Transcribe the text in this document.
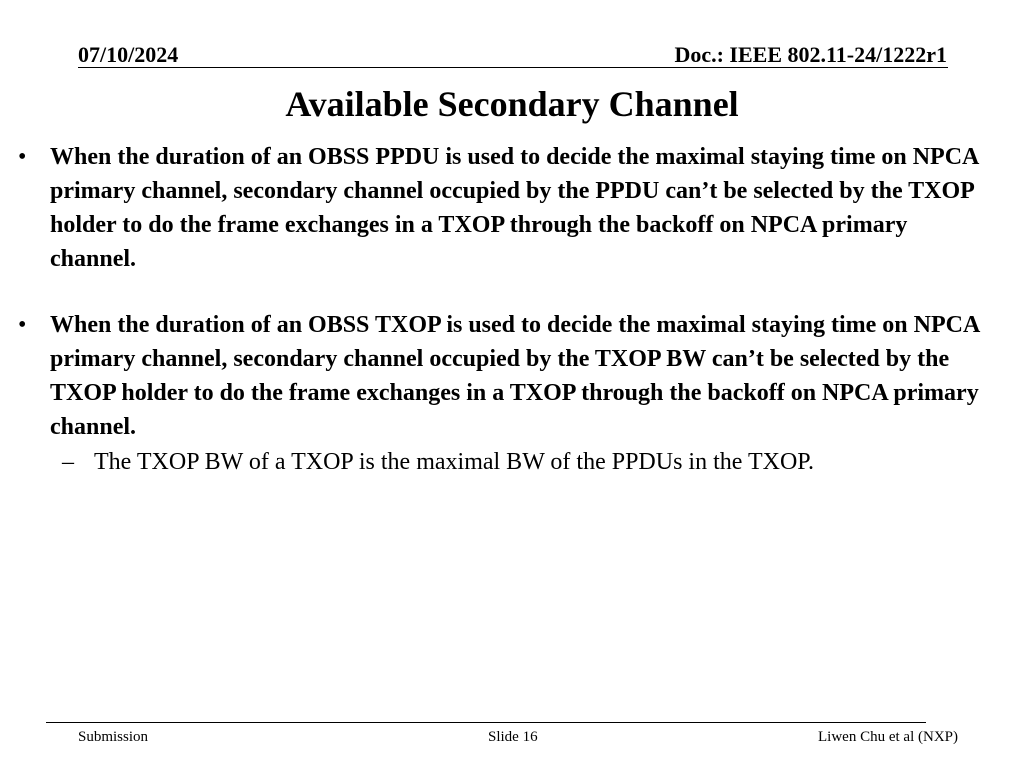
07/10/2024	Doc.: IEEE 802.11-24/1222r1
Available Secondary Channel
• When the duration of an OBSS PPDU is used to decide the maximal staying time on NPCA primary channel, secondary channel occupied by the PPDU can’t be selected by the TXOP holder to do the frame exchanges in a TXOP through the backoff on NPCA primary channel.
• When the duration of an OBSS TXOP is used to decide the maximal staying time on NPCA primary channel, secondary channel occupied by the TXOP BW can’t be selected by the TXOP holder to do the frame exchanges in a TXOP through the backoff on NPCA primary channel.
– The TXOP BW of a TXOP is the maximal BW of the PPDUs in the TXOP.
Submission	Slide 16	Liwen Chu et al (NXP)
